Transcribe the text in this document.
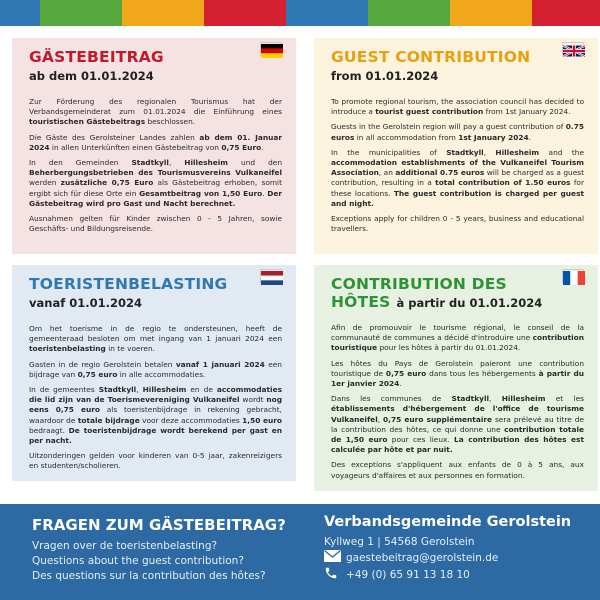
GÄSTEBEITRAG
ab dem 01.01.2024

Zur Förderung des regionalen Tourismus hat der Verbandsgemeinderat zum 01.01.2024 die Einführung eines touristischen Gästebeitrags beschlossen.

Die Gäste des Gerolsteiner Landes zahlen ab dem 01. Januar 2024 in allen Unterkünften einen Gästebeitrag von 0,75 Euro.

In den Gemeinden Stadtkyll, Hillesheim und den Beherbergungsbetrieben des Tourismusvereins Vulkaneifel werden zusätzliche 0,75 Euro als Gästebeitrag erhoben, somit ergibt sich für diese Orte ein Gesamtbeitrag von 1,50 Euro. Der Gästebeitrag wird pro Gast und Nacht berechnet.

Ausnahmen gelten für Kinder zwischen 0 - 5 Jahren, sowie Geschäfts- und Bildungsreisende.

GUEST CONTRIBUTION
from 01.01.2024

To promote regional tourism, the association council has decided to introduce a tourist guest contribution from 1st January 2024.

Guests in the Gerolstein region will pay a guest contribution of 0.75 euros in all accommodation from 1st January 2024.

In the municipalities of Stadtkyll, Hillesheim and the accommodation establishments of the Vulkaneifel Tourism Association, an additional 0.75 euros will be charged as a guest contribution, resulting in a total contribution of 1.50 euros for these locations. The guest contribution is charged per guest and night.

Exceptions apply for children 0 - 5 years, business and educational travellers.

TOERISTENBELASTING
vanaf 01.01.2024

Om het toerisme in de regio te ondersteunen, heeft de gemeenteraad besloten om met ingang van 1 januari 2024 een toeristenbelasting in te voeren.

Gasten in de regio Gerolstein betalen vanaf 1 januari 2024 een bijdrage van 0,75 euro in alle accommodaties.

In de gemeentes Stadtkyll, Hillesheim en de accommodaties die lid zijn van de Toerismevereniging Vulkaneifel wordt nog eens 0,75 euro als toeristenbijdrage in rekening gebracht, waardoor de totale bijdrage voor deze accommodaties 1,50 euro bedraagt. De toeristenbijdrage wordt berekend per gast en per nacht.

Uitzonderingen gelden voor kinderen van 0-5 jaar, zakenreizigers en studenten/scholieren.

CONTRIBUTION DES
HÔTES à partir du 01.01.2024

Afin de promouvoir le tourisme régional, le conseil de la communauté de communes a décidé d'introduire une contribution touristique pour les hôtes à partir du 01.01.2024.

Les hôtes du Pays de Gerolstein paieront une contribution touristique de 0,75 euro dans tous les hébergements à partir du 1er janvier 2024.

Dans les communes de Stadtkyll, Hillesheim et les établissements d'hébergement de l'office de tourisme Vulkaneifel, 0,75 euro supplémentaire sera prélevé au titre de la contribution des hôtes, ce qui donne une contribution totale de 1,50 euro pour ces lieux. La contribution des hôtes est calculée par hôte et par nuit.

Des exceptions s'appliquent aux enfants de 0 à 5 ans, aux voyageurs d'affaires et aux personnes en formation.

FRAGEN ZUM GÄSTEBEITRAG?
Vragen over de toeristenbelasting?
Questions about the guest contribution?
Des questions sur la contribution des hôtes?
Verbandsgemeinde Gerolstein
Kyllweg 1 | 54568 Gerolstein
gaestebeitrag@gerolstein.de
+49 (0) 65 91 13 18 10
